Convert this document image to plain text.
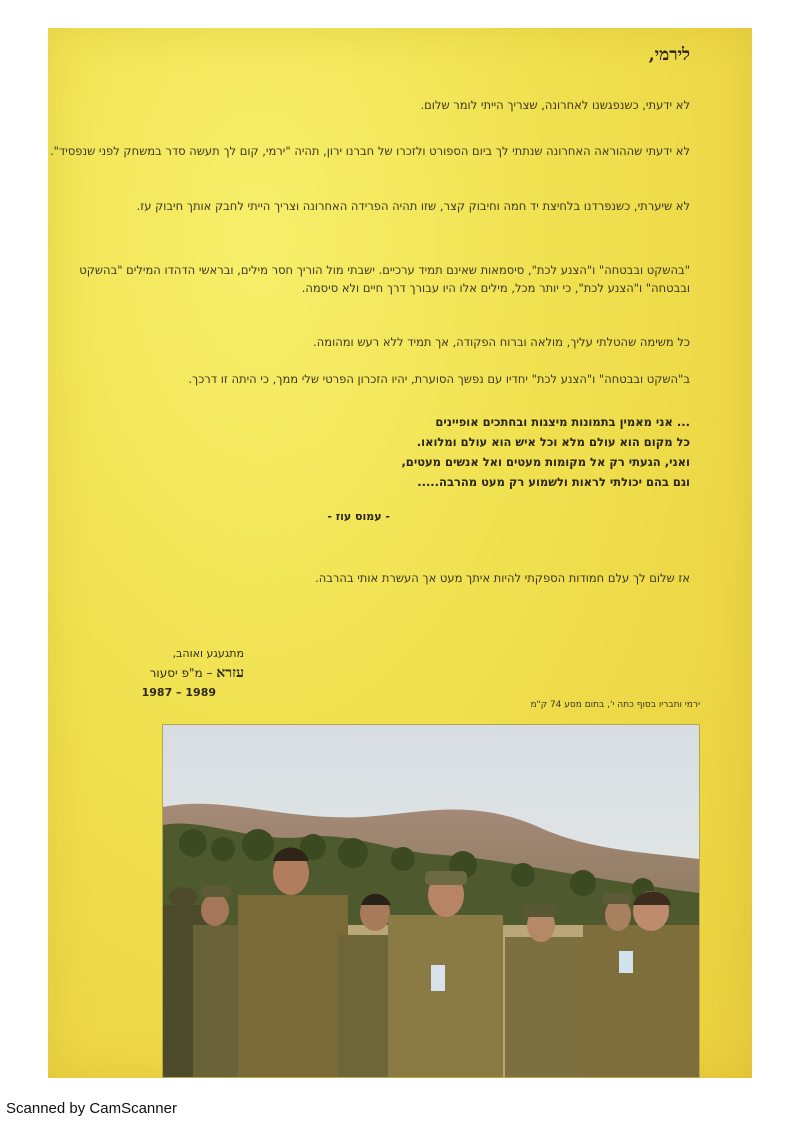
לירמי,
לא ידעתי, כשנפגשנו לאחרונה, שצריך הייתי לומר שלום.
לא ידעתי שההוראה האחרונה שנתתי לך ביום הספורט ולזכרו של חברנו ירון, תהיה "ירמי, קום לך תעשה סדר במשחק לפני שנפסיד".
לא שיערתי, כשנפרדנו בלחיצת יד חמה וחיבוק קצר, שזו תהיה הפרידה האחרונה וצריך הייתי לחבק אותך חיבוק עז.
"בהשקט ובבטחה" ו"הצנע לכת", סיסמאות שאינם תמיד ערכיים. ישבתי מול הוריך חסר מילים, ובראשי הדהדו המילים "בהשקט ובבטחה" ו"הצנע לכת", כי יותר מכל, מילים אלו היו עבורך דרך חיים ולא סיסמה.
כל משימה שהטלתי עליך, מולאה וברוח הפקודה, אך תמיד ללא רעש ומהומה.
ב"השקט ובבטחה" ו"הצנע לכת" יחדיו עם נפשך הסוערת, יהיו הזכרון הפרטי שלי ממך, כי היתה זו דרכך.
... אני מאמין בתמונות מיצגות ובחתכים אופיינים
כל מקום הוא עולם מלא וכל איש הוא עולם ומלואו.
ואני, הגעתי רק אל מקומות מעטים ואל אנשים מעטים,
וגם בהם יכולתי לראות ולשמוע רק מעט מהרבה.....
- עמוס עוז -
אז שלום לך עלם חמודות הספקתי להיות איתך מעט אך העשרת אותי בהרבה.
מתגעגע ואוהב,
עזרא – מ"פ יסעור
1987 – 1989
ירמי וחבריו בסוף כתה י', בתום מסע 74 ק"מ
Scanned by CamScanner
